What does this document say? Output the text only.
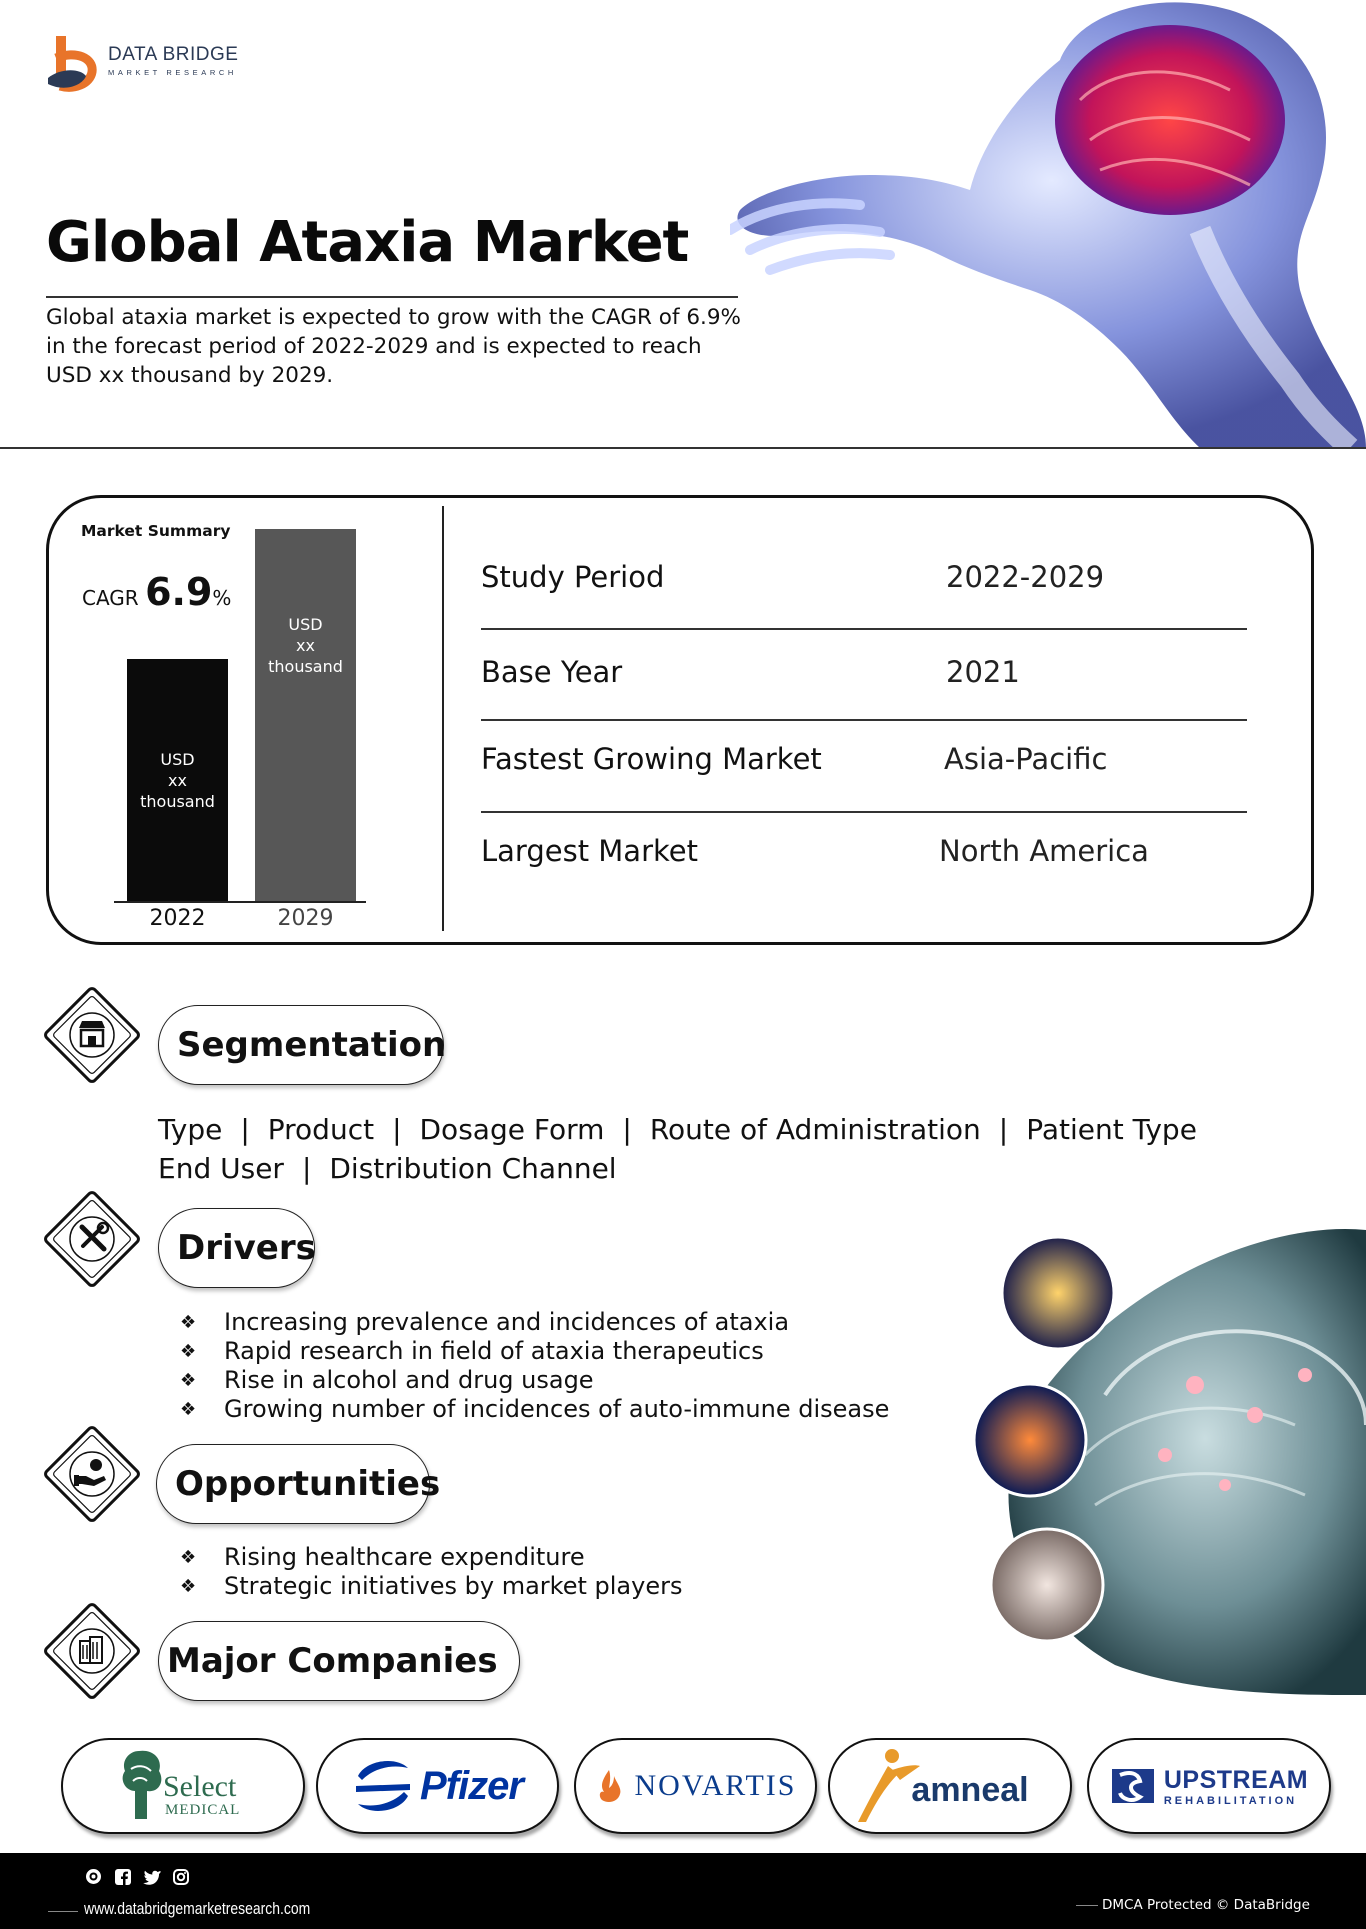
DATA BRIDGE
MARKET RESEARCH
Global Ataxia Market
Global ataxia market is expected to grow with the CAGR of 6.9% in the forecast period of 2022-2029 and is expected to reach USD xx thousand by 2029.
Market Summary
CAGR 6.9%
USD
xx
thousand
USD
xx
thousand
2022	2029
Study Period	2022-2029
Base Year	2021
Fastest Growing Market	Asia-Pacific
Largest Market	North America
Segmentation
Type | Product | Dosage Form | Route of Administration | Patient Type
End User | Distribution Channel
Drivers
❖ Increasing prevalence and incidences of ataxia
❖ Rapid research in field of ataxia therapeutics
❖ Rise in alcohol and drug usage
❖ Growing number of incidences of auto-immune disease
Opportunities
❖ Rising healthcare expenditure
❖ Strategic initiatives by market players
Major Companies
Select
MEDICAL
Pfizer	NOVARTIS	amneal	UPSTREAM
REHABILITATION
www.databridgemarketresearch.com	DMCA Protected © DataBridge
